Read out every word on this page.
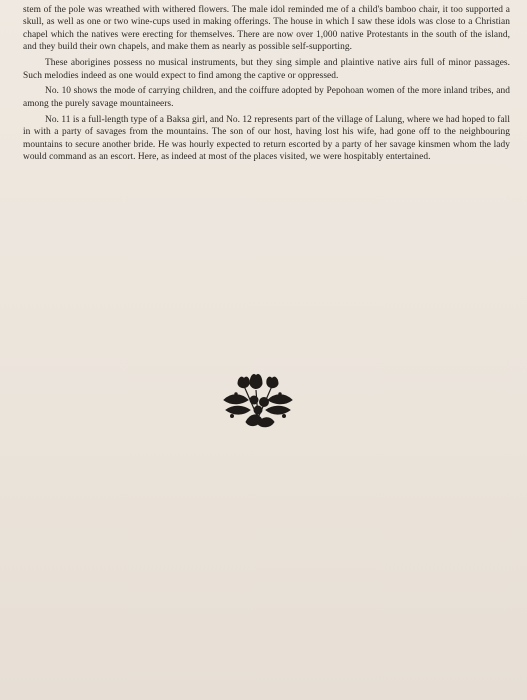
stem of the pole was wreathed with withered flowers. The male idol reminded me of a child's bamboo chair, it too supported a skull, as well as one or two wine-cups used in making offerings. The house in which I saw these idols was close to a Christian chapel which the natives were erecting for themselves. There are now over 1,000 native Protestants in the south of the island, and they build their own chapels, and make them as nearly as possible self-supporting.

These aborigines possess no musical instruments, but they sing simple and plaintive native airs full of minor passages. Such melodies indeed as one would expect to find among the captive or oppressed.

No. 10 shows the mode of carrying children, and the coiffure adopted by Pepohoan women of the more inland tribes, and among the purely savage mountaineers.

No. 11 is a full-length type of a Baksa girl, and No. 12 represents part of the village of Lalung, where we had hoped to fall in with a party of savages from the mountains. The son of our host, having lost his wife, had gone off to the neighbouring mountains to secure another bride. He was hourly expected to return escorted by a party of her savage kinsmen whom the lady would command as an escort. Here, as indeed at most of the places visited, we were hospitably entertained.
